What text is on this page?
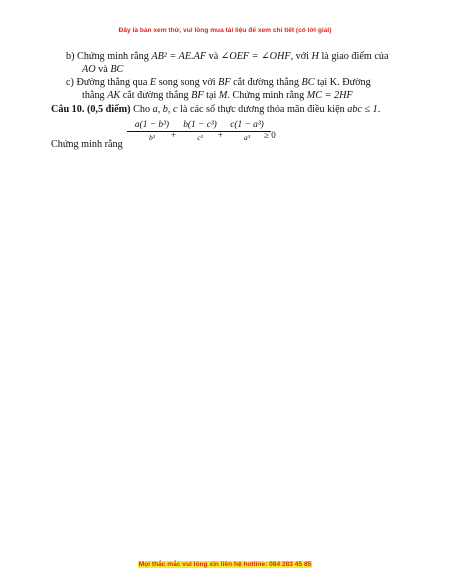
Đây là bản xem thử, vui lòng mua tài liệu để xem chi tiết (có lời giải)
b) Chứng minh rằng AB² = AE.AF và ∠OEF = ∠OHF, với H là giao điểm của
AO và BC
c) Đường thẳng qua E song song với BF cắt đường thẳng BC tại K. Đường
thẳng AK cắt đường thẳng BF tại M. Chứng minh rằng MC = 2HF
Câu 10. (0,5 điểm) Cho a, b, c là các số thực dương thỏa mãn điều kiện abc ≤ 1.
Chứng minh rằng
a(1 − b³)
b³	+
b(1 − c³)
c³	+
c(1 − a³)
a³	≥ 0
Mọi thắc mắc vui lòng xin liên hệ hotline: 084 283 45 85
